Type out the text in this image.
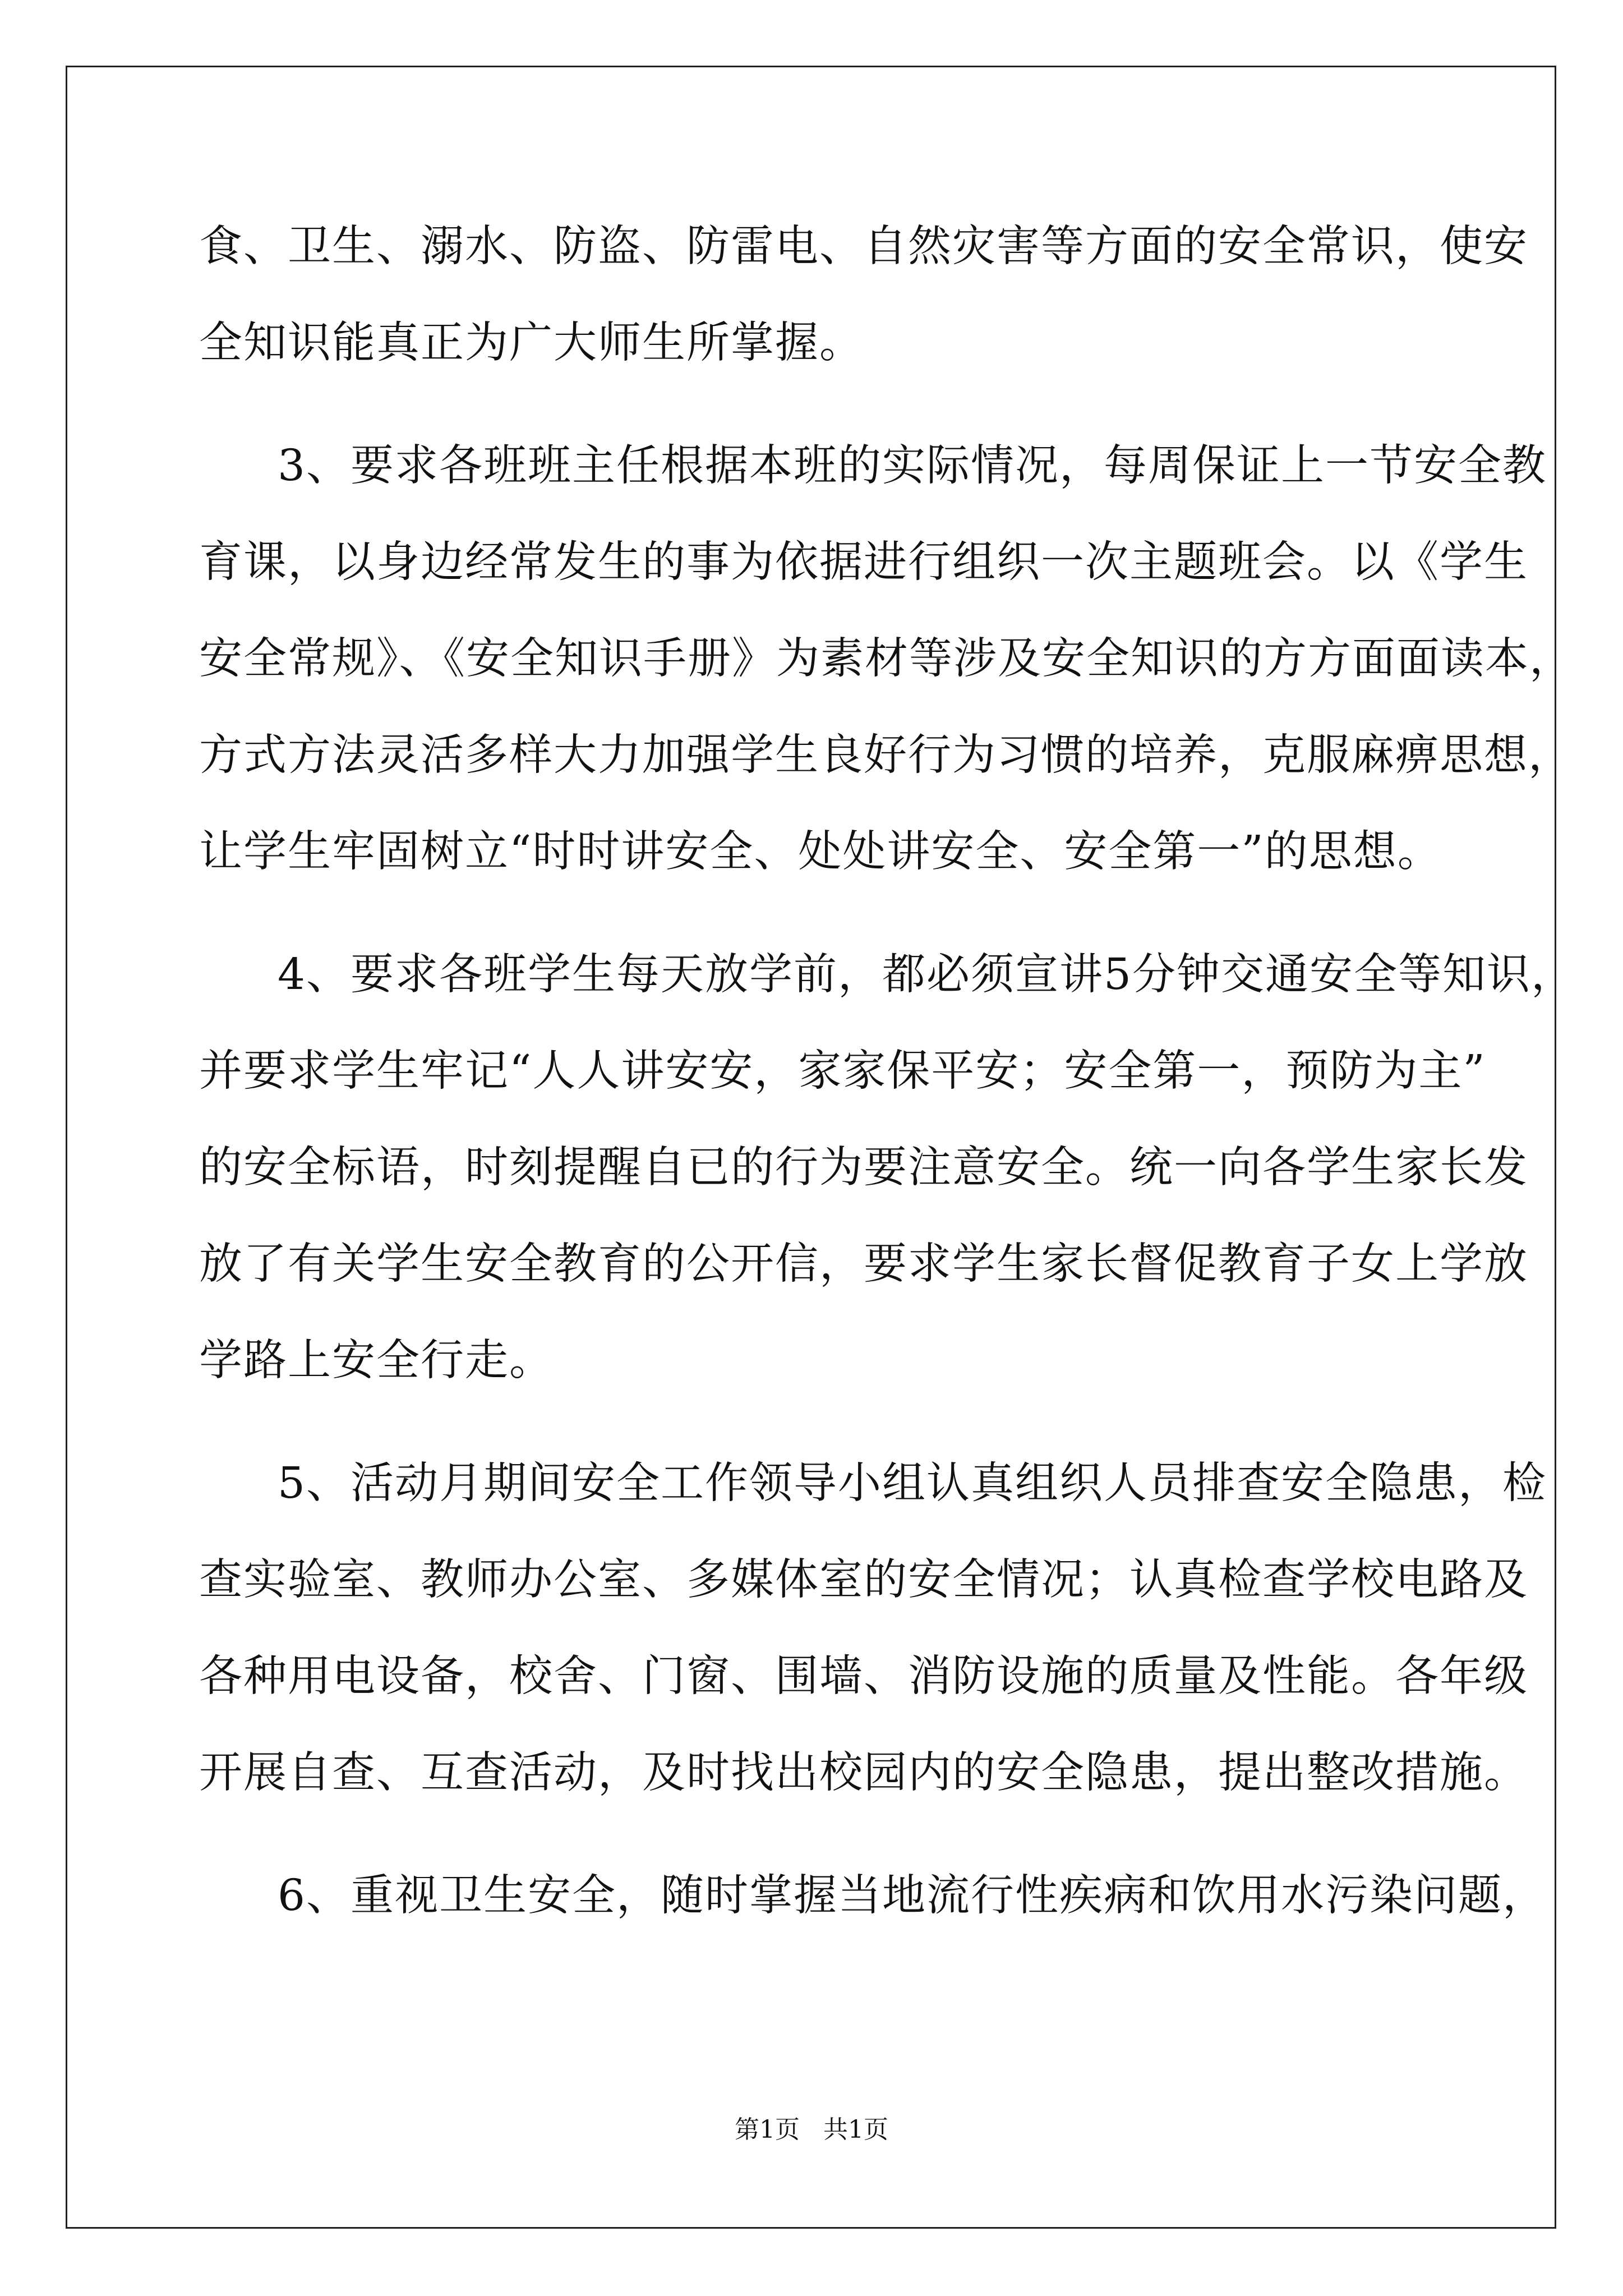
食、卫生、溺水、防盗、防雷电、自然灾害等方面的安全常识，使安

全知识能真正为广大师生所掌握。

3、要求各班班主任根据本班的实际情况，每周保证上一节安全教

育课，以身边经常发生的事为依据进行组织一次主题班会。以《学生

安全常规》、《安全知识手册》为素材等涉及安全知识的方方面面读本，

方式方法灵活多样大力加强学生良好行为习惯的培养，克服麻痹思想，

让学生牢固树立“时时讲安全、处处讲安全、安全第一”的思想。

4、要求各班学生每天放学前，都必须宣讲5分钟交通安全等知识，

并要求学生牢记“人人讲安安，家家保平安；安全第一，预防为主”

的安全标语，时刻提醒自已的行为要注意安全。统一向各学生家长发

放了有关学生安全教育的公开信，要求学生家长督促教育子女上学放

学路上安全行走。

5、活动月期间安全工作领导小组认真组织人员排查安全隐患，检

查实验室、教师办公室、多媒体室的安全情况；认真检查学校电路及

各种用电设备，校舍、门窗、围墙、消防设施的质量及性能。各年级

开展自查、互查活动，及时找出校园内的安全隐患，提出整改措施。

6、重视卫生安全，随时掌握当地流行性疾病和饮用水污染问题，

第1页 共1页
